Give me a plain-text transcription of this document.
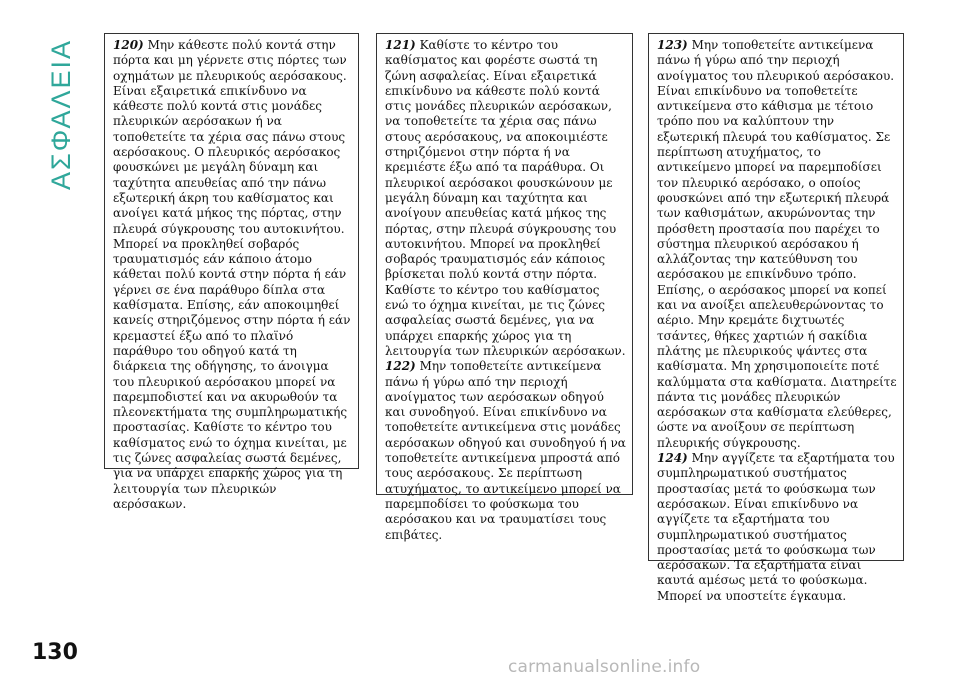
ΑΣΦΑΛΕΙΑ	120) Μην κάθεστε πολύ κοντά στην πόρτα και μη γέρνετε στις πόρτες των οχημάτων με πλευρικούς αερόσακους. Είναι εξαιρετικά επικίνδυνο να κάθεστε πολύ κοντά στις μονάδες πλευρικών αερόσακων ή να τοποθετείτε τα χέρια σας πάνω στους αερόσακους. Ο πλευρικός αερόσακος φουσκώνει με μεγάλη δύναμη και ταχύτητα απευθείας από την πάνω εξωτερική άκρη του καθίσματος και ανοίγει κατά μήκος της πόρτας, στην πλευρά σύγκρουσης του αυτοκινήτου. Μπορεί να προκληθεί σοβαρός τραυματισμός εάν κάποιο άτομο κάθεται πολύ κοντά στην πόρτα ή εάν γέρνει σε ένα παράθυρο δίπλα στα καθίσματα. Επίσης, εάν αποκοιμηθεί κανείς στηριζόμενος στην πόρτα ή εάν κρεμαστεί έξω από το πλαϊνό παράθυρο του οδηγού κατά τη διάρκεια της οδήγησης, το άνοιγμα του πλευρικού αερόσακου μπορεί να παρεμποδιστεί και να ακυρωθούν τα πλεονεκτήματα της συμπληρωματικής προστασίας. Καθίστε το κέντρο του καθίσματος ενώ το όχημα κινείται, με τις ζώνες ασφαλείας σωστά δεμένες, για να υπάρχει επαρκής χώρος για τη λειτουργία των πλευρικών αερόσακων.

121) Καθίστε το κέντρο του καθίσματος και φορέστε σωστά τη ζώνη ασφαλείας. Είναι εξαιρετικά επικίνδυνο να κάθεστε πολύ κοντά στις μονάδες πλευρικών αερόσακων, να τοποθετείτε τα χέρια σας πάνω στους αερόσακους, να αποκοιμιέστε στηριζόμενοι στην πόρτα ή να κρεμιέστε έξω από τα παράθυρα. Οι πλευρικοί αερόσακοι φουσκώνουν με μεγάλη δύναμη και ταχύτητα και ανοίγουν απευθείας κατά μήκος της πόρτας, στην πλευρά σύγκρουσης του αυτοκινήτου. Μπορεί να προκληθεί σοβαρός τραυματισμός εάν κάποιος βρίσκεται πολύ κοντά στην πόρτα. Καθίστε το κέντρο του καθίσματος ενώ το όχημα κινείται, με τις ζώνες ασφαλείας σωστά δεμένες, για να υπάρχει επαρκής χώρος για τη λειτουργία των πλευρικών αερόσακων.

122) Μην τοποθετείτε αντικείμενα πάνω ή γύρω από την περιοχή ανοίγματος των αερόσακων οδηγού και συνοδηγού. Είναι επικίνδυνο να τοποθετείτε αντικείμενα στις μονάδες αερόσακων οδηγού και συνοδηγού ή να τοποθετείτε αντικείμενα μπροστά από τους αερόσακους. Σε περίπτωση ατυχήματος, το αντικείμενο μπορεί να παρεμποδίσει το φούσκωμα του αερόσακου και να τραυματίσει τους επιβάτες.

123) Μην τοποθετείτε αντικείμενα πάνω ή γύρω από την περιοχή ανοίγματος του πλευρικού αερόσακου. Είναι επικίνδυνο να τοποθετείτε αντικείμενα στο κάθισμα με τέτοιο τρόπο που να καλύπτουν την εξωτερική πλευρά του καθίσματος. Σε περίπτωση ατυχήματος, το αντικείμενο μπορεί να παρεμποδίσει τον πλευρικό αερόσακο, ο οποίος φουσκώνει από την εξωτερική πλευρά των καθισμάτων, ακυρώνοντας την πρόσθετη προστασία που παρέχει το σύστημα πλευρικού αερόσακου ή αλλάζοντας την κατεύθυνση του αερόσακου με επικίνδυνο τρόπο. Επίσης, ο αερόσακος μπορεί να κοπεί και να ανοίξει απελευθερώνοντας το αέριο. Μην κρεμάτε διχτυωτές τσάντες, θήκες χαρτιών ή σακίδια πλάτης με πλευρικούς ψάντες στα καθίσματα. Μη χρησιμοποιείτε ποτέ καλύμματα στα καθίσματα. Διατηρείτε πάντα τις μονάδες πλευρικών αερόσακων στα καθίσματα ελεύθερες, ώστε να ανοίξουν σε περίπτωση πλευρικής σύγκρουσης.

124) Μην αγγίζετε τα εξαρτήματα του συμπληρωματικού συστήματος προστασίας μετά το φούσκωμα των αερόσακων. Είναι επικίνδυνο να αγγίζετε τα εξαρτήματα του συμπληρωματικού συστήματος προστασίας μετά το φούσκωμα των αερόσακων. Τα εξαρτήματα είναι καυτά αμέσως μετά το φούσκωμα. Μπορεί να υποστείτε έγκαυμα.

130
carmanualsonline.info
